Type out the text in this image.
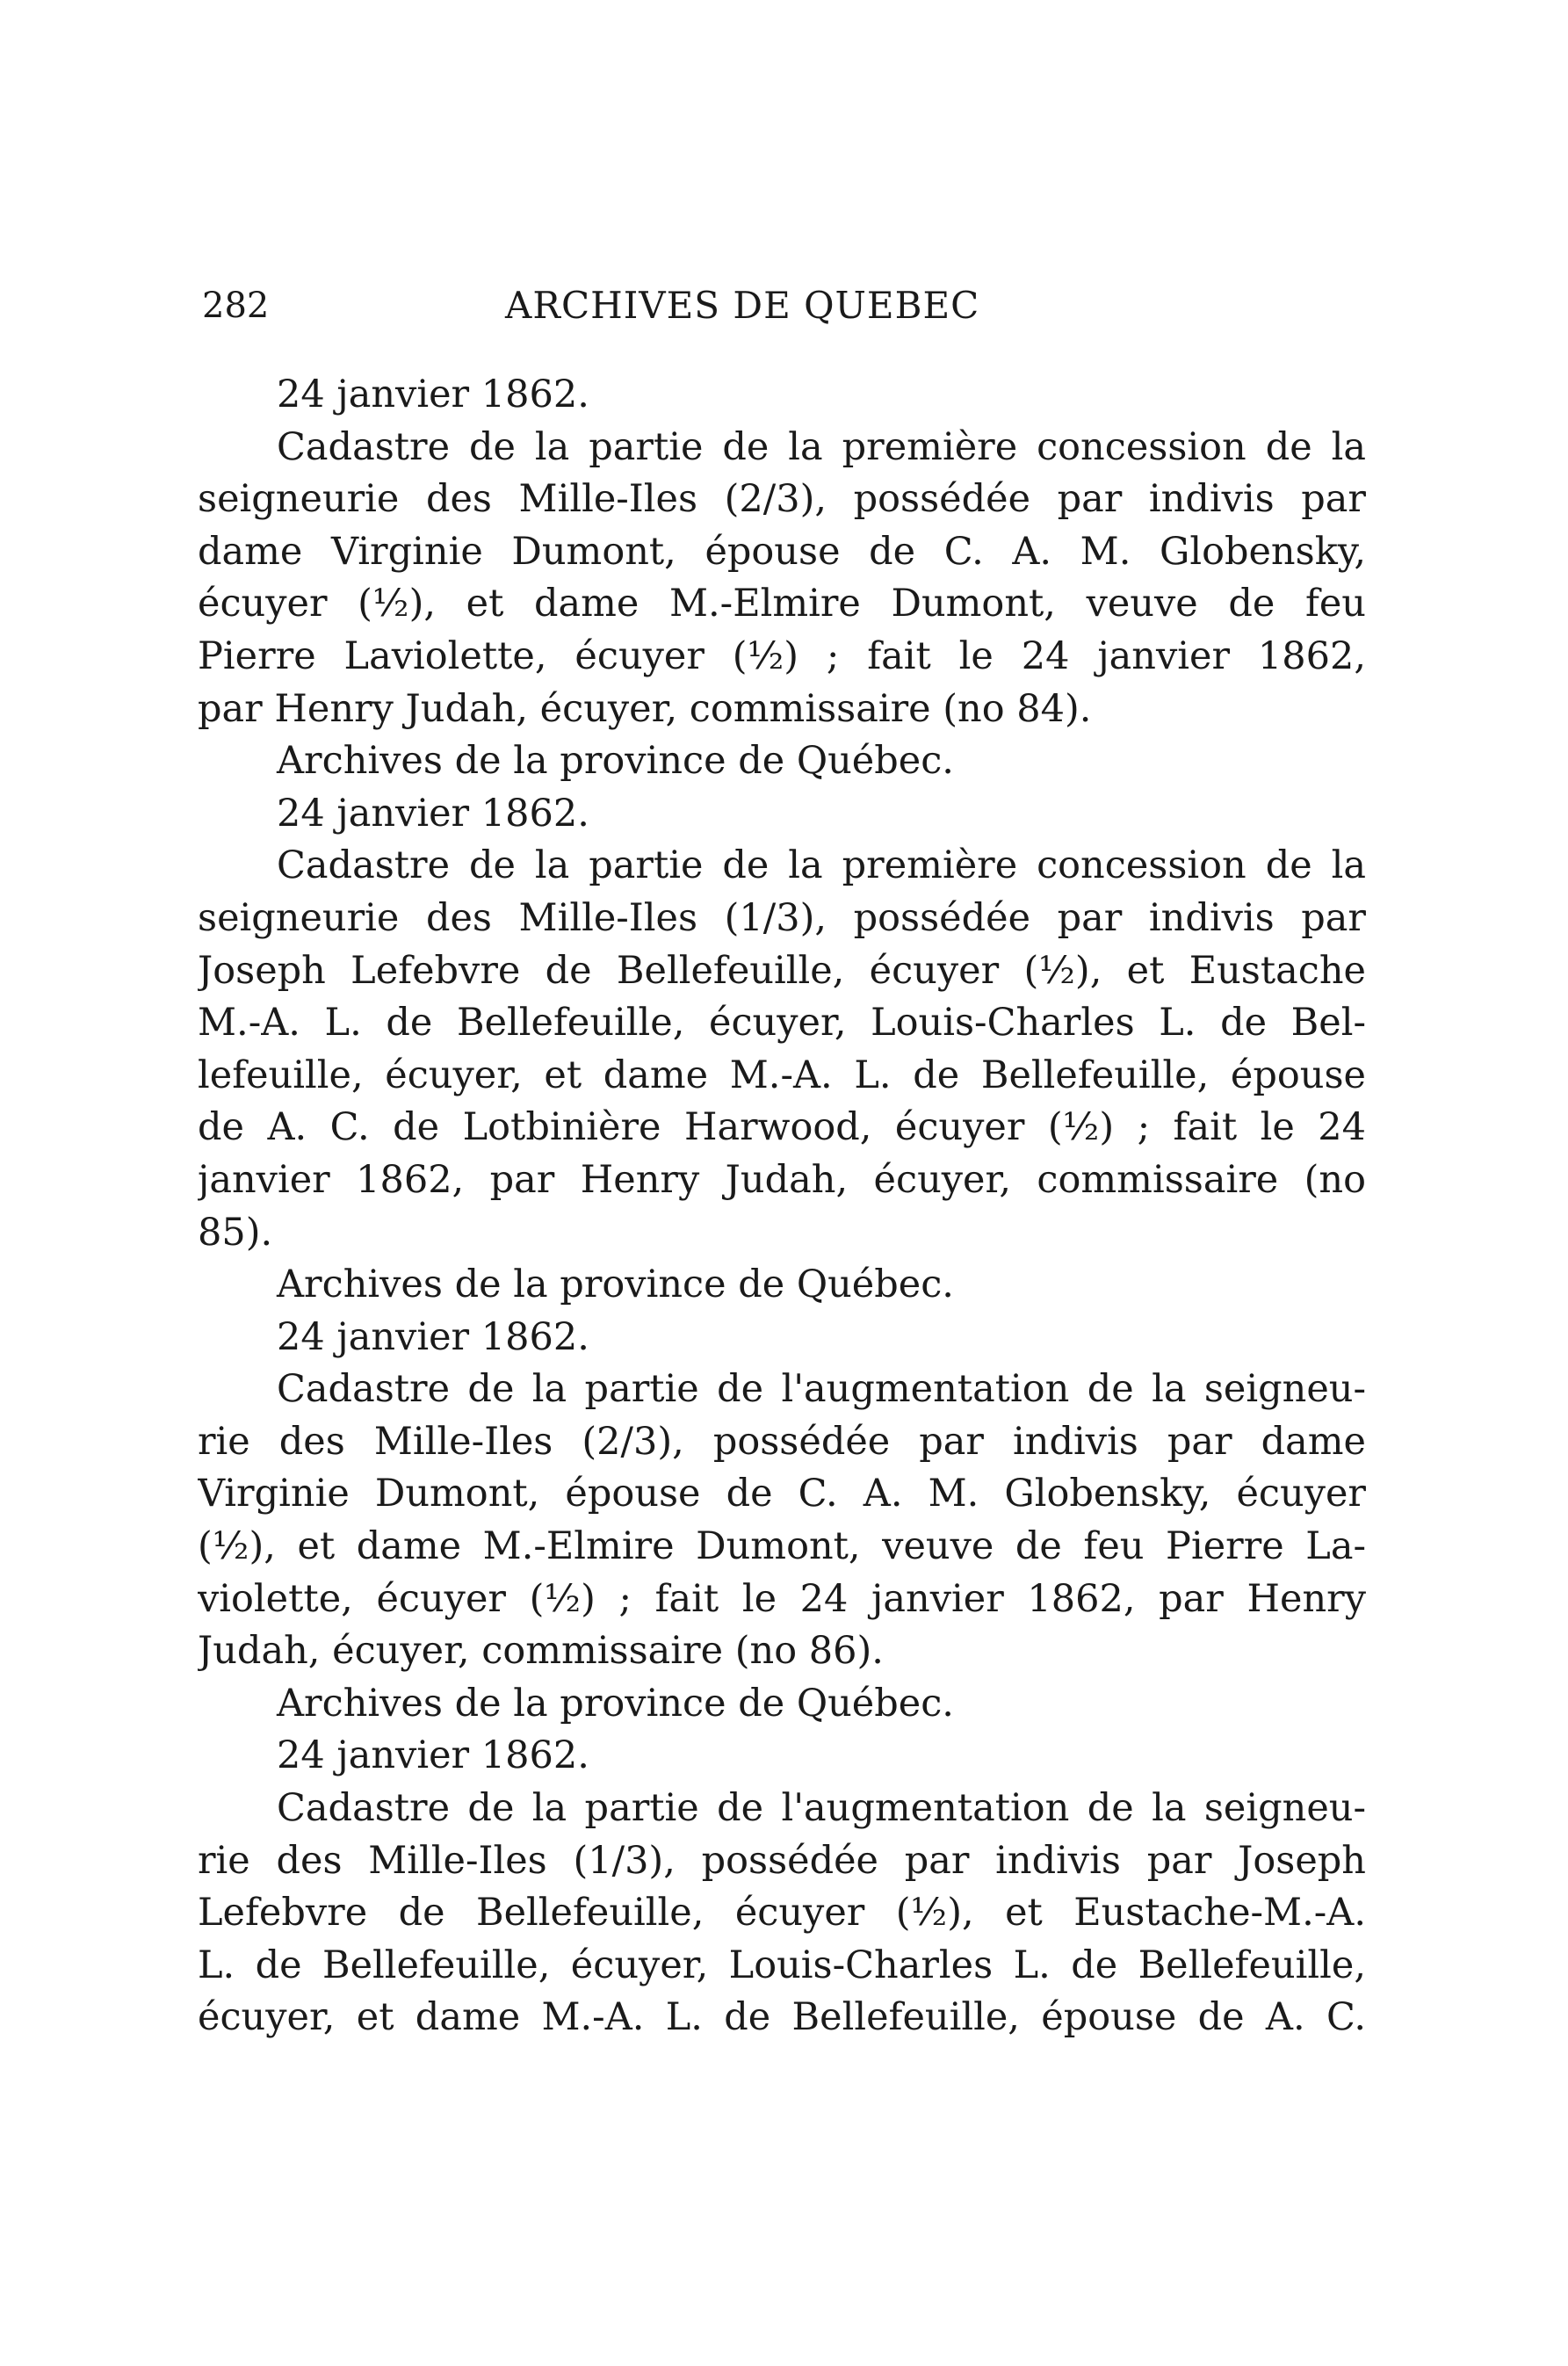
282	ARCHIVES DE QUEBEC
24 janvier 1862.
Cadastre de la partie de la première concession de la
seigneurie des Mille-Iles (2/3), possédée par indivis par
dame Virginie Dumont, épouse de C. A. M. Globensky,
écuyer (½), et dame M.-Elmire Dumont, veuve de feu
Pierre Laviolette, écuyer (½) ; fait le 24 janvier 1862,
par Henry Judah, écuyer, commissaire (no 84).
Archives de la province de Québec.
24 janvier 1862.
Cadastre de la partie de la première concession de la
seigneurie des Mille-Iles (1/3), possédée par indivis par
Joseph Lefebvre de Bellefeuille, écuyer (½), et Eustache
M.-A. L. de Bellefeuille, écuyer, Louis-Charles L. de Bel-
lefeuille, écuyer, et dame M.-A. L. de Bellefeuille, épouse
de A. C. de Lotbinière Harwood, écuyer (½) ; fait le 24
janvier 1862, par Henry Judah, écuyer, commissaire (no
85).
Archives de la province de Québec.
24 janvier 1862.
Cadastre de la partie de l'augmentation de la seigneu-
rie des Mille-Iles (2/3), possédée par indivis par dame
Virginie Dumont, épouse de C. A. M. Globensky, écuyer
(½), et dame M.-Elmire Dumont, veuve de feu Pierre La-
violette, écuyer (½) ; fait le 24 janvier 1862, par Henry
Judah, écuyer, commissaire (no 86).
Archives de la province de Québec.
24 janvier 1862.
Cadastre de la partie de l'augmentation de la seigneu-
rie des Mille-Iles (1/3), possédée par indivis par Joseph
Lefebvre de Bellefeuille, écuyer (½), et Eustache-M.-A.
L. de Bellefeuille, écuyer, Louis-Charles L. de Bellefeuille,
écuyer, et dame M.-A. L. de Bellefeuille, épouse de A. C.
